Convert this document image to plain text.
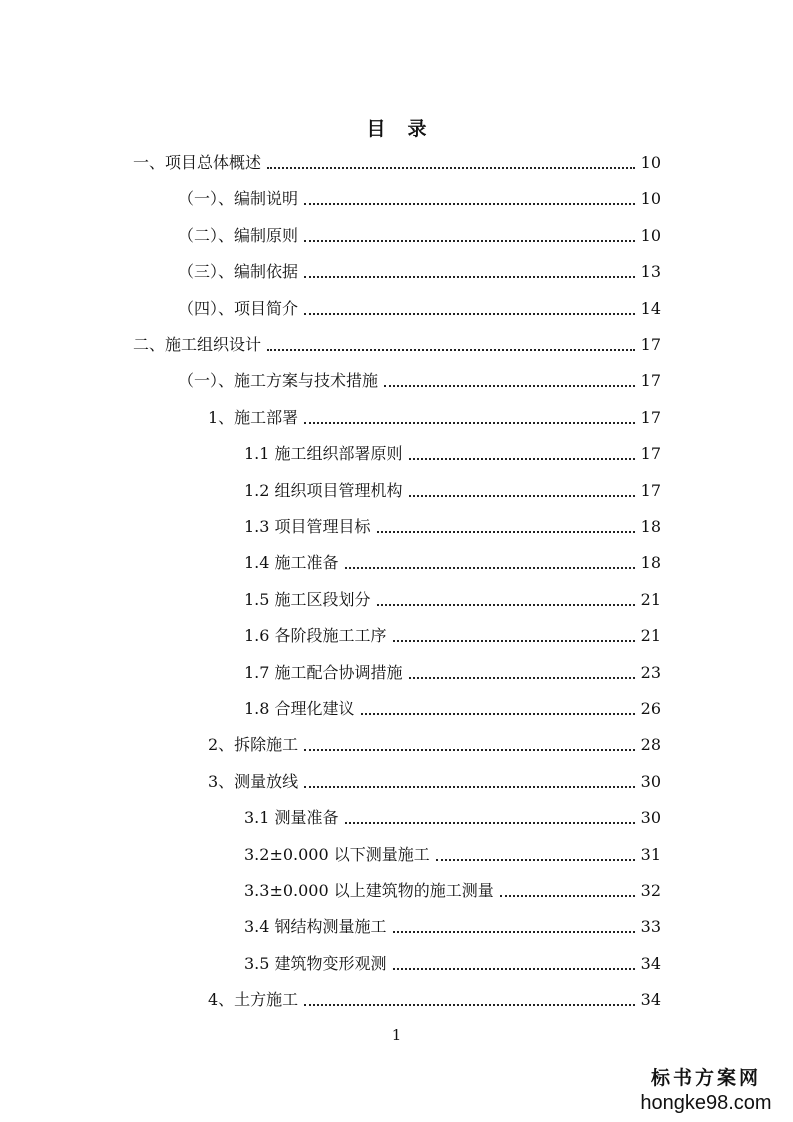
目 录
一、项目总体概述	10
（一）、编制说明	10
（二）、编制原则	10
（三）、编制依据	13
（四）、项目简介	14
二、施工组织设计	17
（一）、施工方案与技术措施	17
1、施工部署	17
1.1 施工组织部署原则	17
1.2 组织项目管理机构	17
1.3 项目管理目标	18
1.4 施工准备	18
1.5 施工区段划分	21
1.6 各阶段施工工序	21
1.7 施工配合协调措施	23
1.8 合理化建议	26
2、拆除施工	28
3、测量放线	30
3.1 测量准备	30
3.2±0.000 以下测量施工	31
3.3±0.000 以上建筑物的施工测量	32
3.4 钢结构测量施工	33
3.5 建筑物变形观测	34
4、土方施工	34
1
标书方案网
hongke98.com
